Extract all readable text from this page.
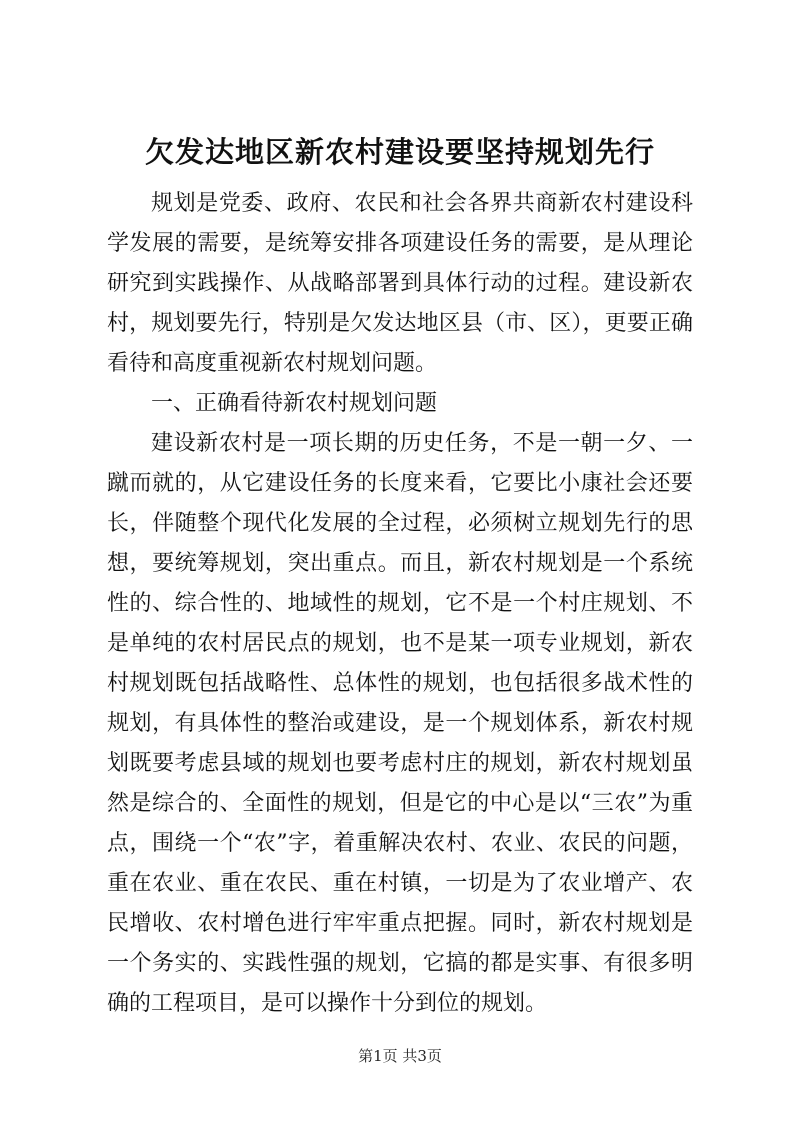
欠发达地区新农村建设要坚持规划先行

规划是党委、政府、农民和社会各界共商新农村建设科学发展的需要，是统筹安排各项建设任务的需要，是从理论研究到实践操作、从战略部署到具体行动的过程。建设新农村，规划要先行，特别是欠发达地区县（市、区），更要正确看待和高度重视新农村规划问题。

一、正确看待新农村规划问题

建设新农村是一项长期的历史任务，不是一朝一夕、一蹴而就的，从它建设任务的长度来看，它要比小康社会还要长，伴随整个现代化发展的全过程，必须树立规划先行的思想，要统筹规划，突出重点。而且，新农村规划是一个系统性的、综合性的、地域性的规划，它不是一个村庄规划、不是单纯的农村居民点的规划，也不是某一项专业规划，新农村规划既包括战略性、总体性的规划，也包括很多战术性的规划，有具体性的整治或建设，是一个规划体系，新农村规划既要考虑县域的规划也要考虑村庄的规划，新农村规划虽然是综合的、全面性的规划，但是它的中心是以“三农”为重点，围绕一个“农”字，着重解决农村、农业、农民的问题，重在农业、重在农民、重在村镇，一切是为了农业增产、农民增收、农村增色进行牢牢重点把握。同时，新农村规划是一个务实的、实践性强的规划，它搞的都是实事、有很多明确的工程项目，是可以操作十分到位的规划。

第1页 共3页
